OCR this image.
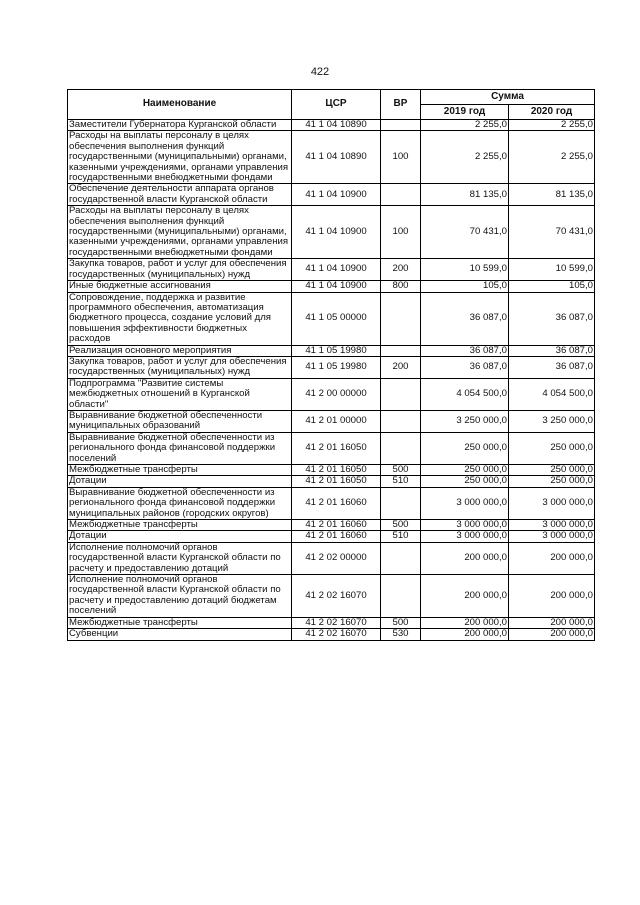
422
Наименование	ЦСР	ВР	Сумма	
			2019 год	2020 год
Заместители Губернатора Курганской области	41 1 04 10890		2 255,0	2 255,0
Расходы на выплаты персоналу в целях обеспечения выполнения функций государственными (муниципальными) органами, казенными учреждениями, органами управления государственными внебюджетными фондами	41 1 04 10890	100	2 255,0	2 255,0
Обеспечение деятельности аппарата органов государственной власти Курганской области	41 1 04 10900		81 135,0	81 135,0
Расходы на выплаты персоналу в целях обеспечения выполнения функций государственными (муниципальными) органами, казенными учреждениями, органами управления государственными внебюджетными фондами	41 1 04 10900	100	70 431,0	70 431,0
Закупка товаров, работ и услуг для обеспечения государственных (муниципальных) нужд	41 1 04 10900	200	10 599,0	10 599,0
Иные бюджетные ассигнования	41 1 04 10900	800	105,0	105,0
Сопровождение, поддержка и развитие программного обеспечения, автоматизация бюджетного процесса, создание условий для повышения эффективности бюджетных расходов	41 1 05 00000		36 087,0	36 087,0
Реализация основного мероприятия	41 1 05 19980		36 087,0	36 087,0
Закупка товаров, работ и услуг для обеспечения государственных (муниципальных) нужд	41 1 05 19980	200	36 087,0	36 087,0
Подпрограмма "Развитие системы межбюджетных отношений в Курганской области"	41 2 00 00000		4 054 500,0	4 054 500,0
Выравнивание бюджетной обеспеченности муниципальных образований	41 2 01 00000		3 250 000,0	3 250 000,0
Выравнивание бюджетной обеспеченности из регионального фонда финансовой поддержки поселений	41 2 01 16050		250 000,0	250 000,0
Межбюджетные трансферты	41 2 01 16050	500	250 000,0	250 000,0
Дотации	41 2 01 16050	510	250 000,0	250 000,0
Выравнивание бюджетной обеспеченности из регионального фонда финансовой поддержки муниципальных районов (городских округов)	41 2 01 16060		3 000 000,0	3 000 000,0
Межбюджетные трансферты	41 2 01 16060	500	3 000 000,0	3 000 000,0
Дотации	41 2 01 16060	510	3 000 000,0	3 000 000,0
Исполнение полномочий органов государственной власти Курганской области по расчету и предоставлению дотаций	41 2 02 00000		200 000,0	200 000,0
Исполнение полномочий органов государственной власти Курганской области по расчету и предоставлению дотаций бюджетам поселений	41 2 02 16070		200 000,0	200 000,0
Межбюджетные трансферты	41 2 02 16070	500	200 000,0	200 000,0
Субвенции	41 2 02 16070	530	200 000,0	200 000,0
